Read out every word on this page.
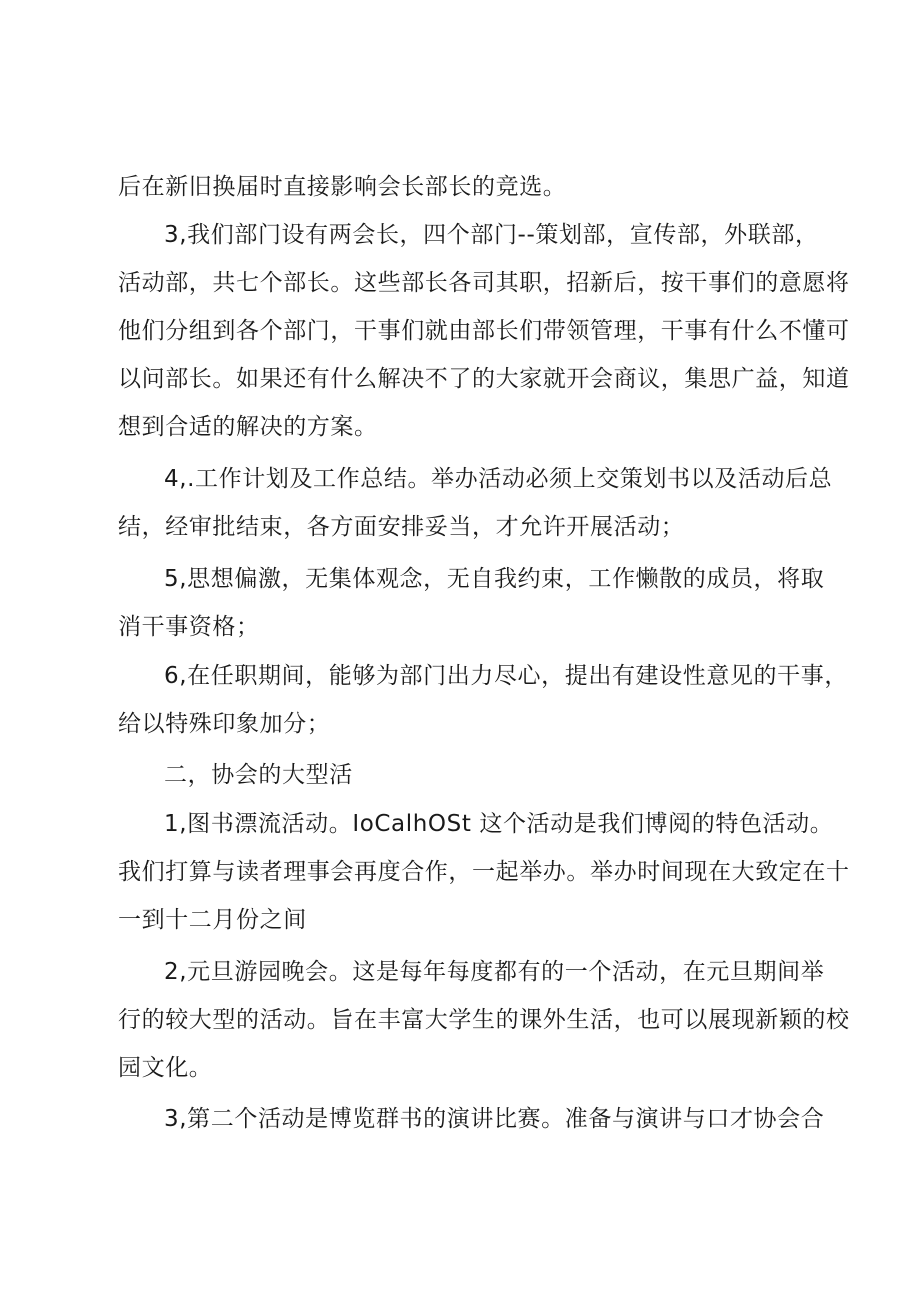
后在新旧换届时直接影响会长部长的竞选。
3,我们部门设有两会长，四个部门--策划部，宣传部，外联部，
活动部，共七个部长。这些部长各司其职，招新后，按干事们的意愿将
他们分组到各个部门，干事们就由部长们带领管理，干事有什么不懂可
以问部长。如果还有什么解决不了的大家就开会商议，集思广益，知道
想到合适的解决的方案。
4,.工作计划及工作总结。举办活动必须上交策划书以及活动后总
结，经审批结束，各方面安排妥当，才允许开展活动；
5,思想偏激，无集体观念，无自我约束，工作懒散的成员，将取
消干事资格；
6,在任职期间，能够为部门出力尽心，提出有建设性意见的干事，
给以特殊印象加分；
二，协会的大型活
1,图书漂流活动。IoCalhOSt 这个活动是我们博阅的特色活动。
我们打算与读者理事会再度合作，一起举办。举办时间现在大致定在十
一到十二月份之间
2,元旦游园晚会。这是每年每度都有的一个活动，在元旦期间举
行的较大型的活动。旨在丰富大学生的课外生活，也可以展现新颖的校
园文化。
3,第二个活动是博览群书的演讲比赛。准备与演讲与口才协会合
